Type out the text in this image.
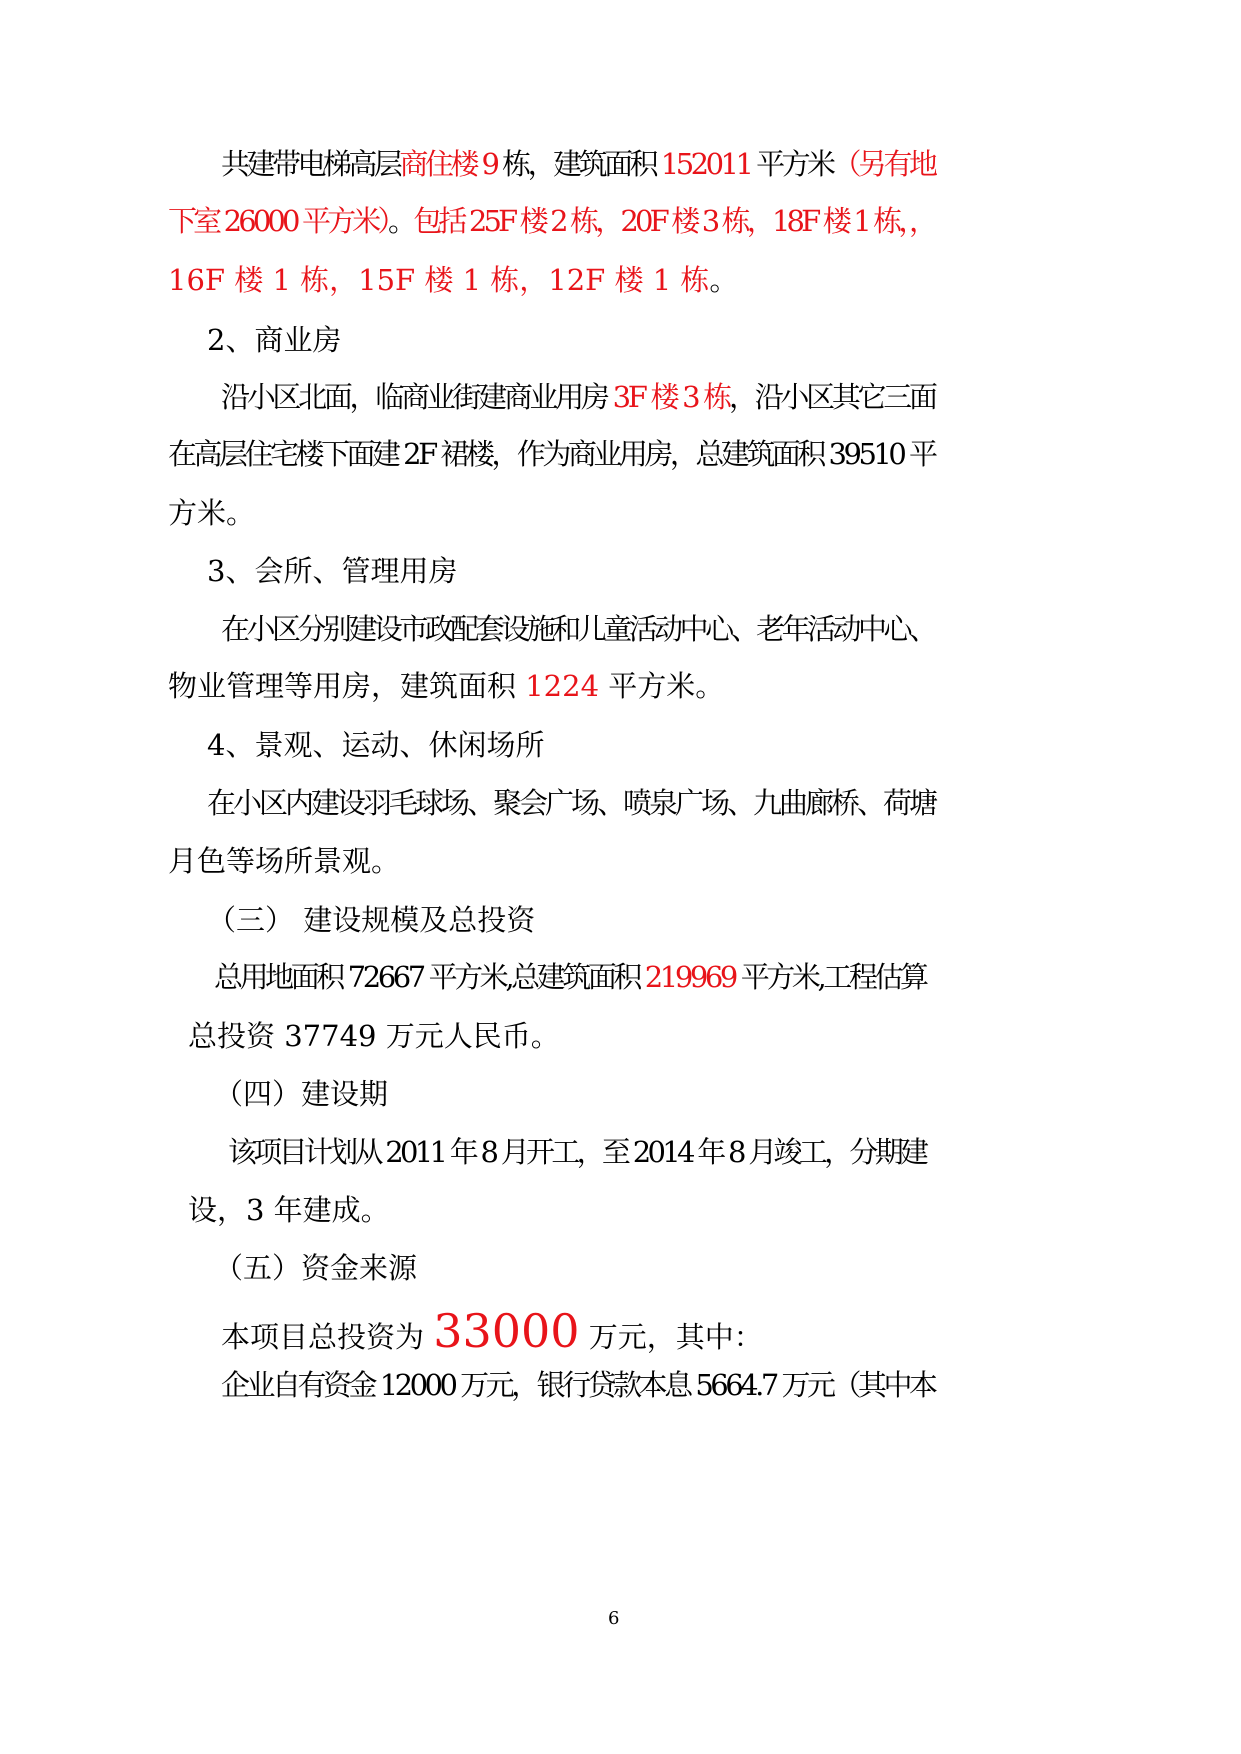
共建带电梯高层商住楼 9 栋，建筑面积 152011 平方米（另有地
下室 26000 平方米）。包括 25F 楼 2 栋，20F 楼 3 栋，18F 楼 1 栋，，
16F 楼 1 栋，15F 楼 1 栋，12F 楼 1 栋。
2、商业房
沿小区北面，临商业街建商业用房 3F 楼 3 栋，沿小区其它三面
在高层住宅楼下面建 2F 裙楼，作为商业用房，总建筑面积 39510 平
方米。
3、会所、管理用房
在小区分别建设市政配套设施和儿童活动中心、老年活动中心、
物业管理等用房，建筑面积 1224 平方米。
4、景观、运动、休闲场所
在小区内建设羽毛球场、聚会广场、喷泉广场、九曲廊桥、荷塘
月色等场所景观。
（三） 建设规模及总投资
总用地面积 72667 平方米,总建筑面积 219969 平方米,工程估算
总投资 37749 万元人民币。
（四）建设期
该项目计划从 2011 年 8 月开工，至 2014 年 8 月竣工，分期建
设，3 年建成。
（五）资金来源
本项目总投资为 33000 万元，其中：
企业自有资金 12000 万元，银行贷款本息 5664.7 万元（其中本
6
